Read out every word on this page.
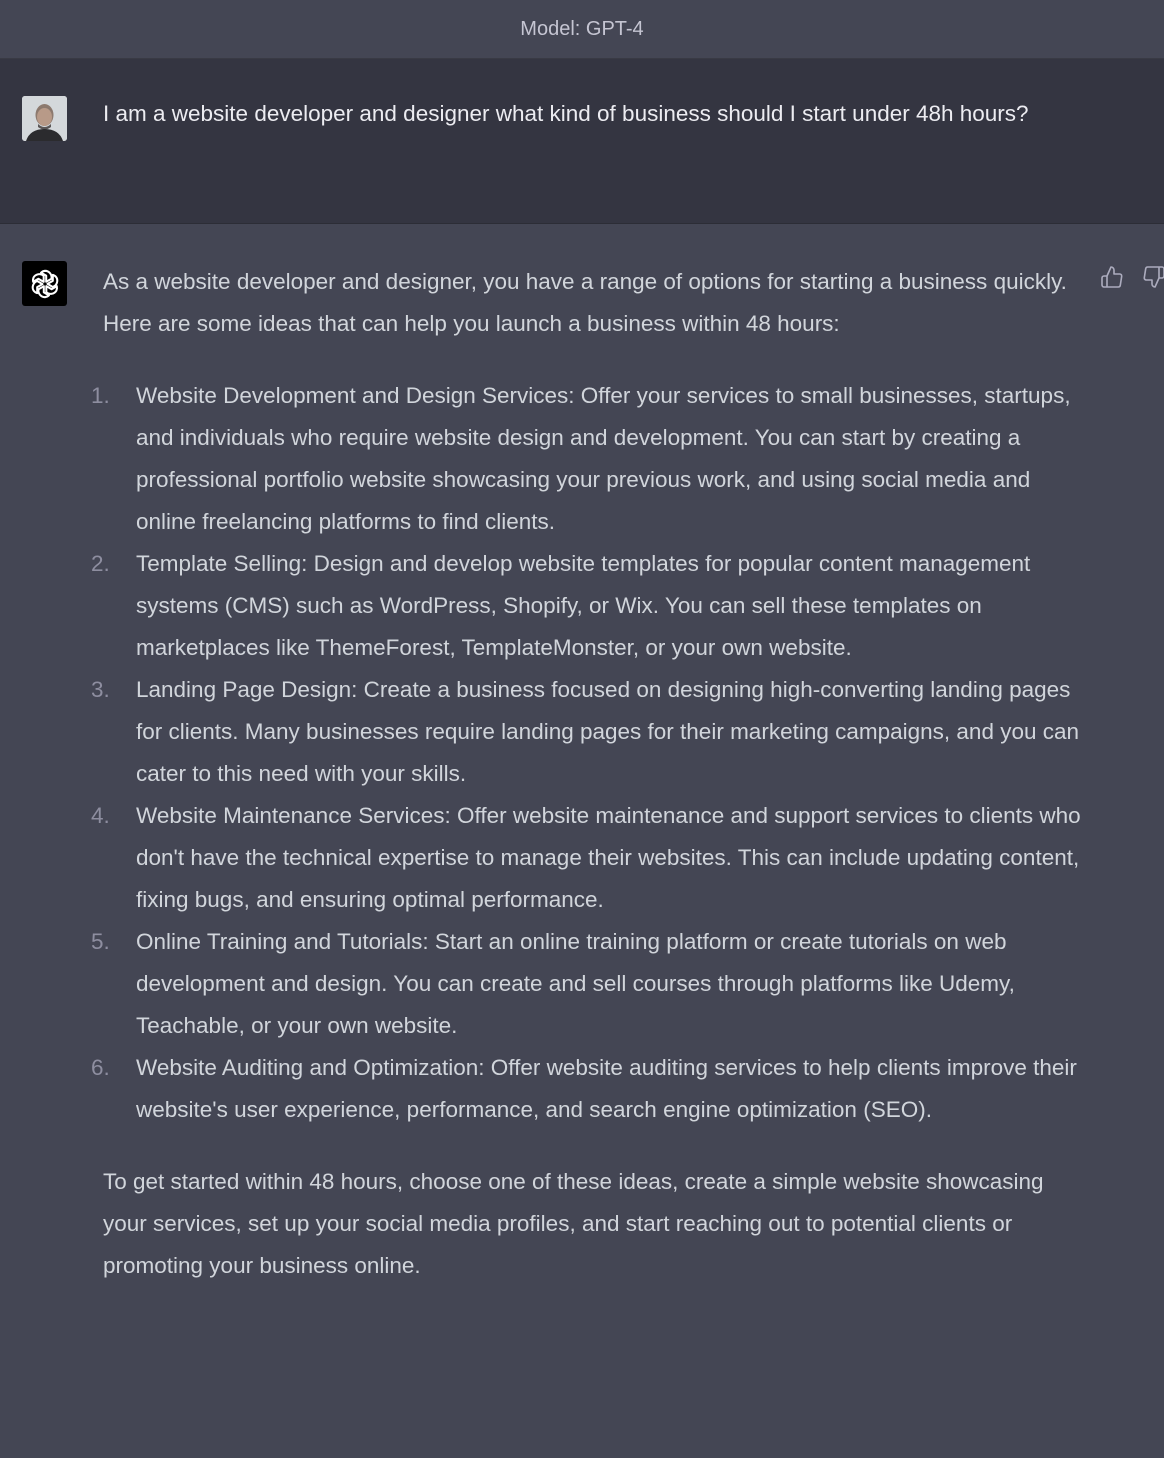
Model: GPT-4
I am a website developer and designer what kind of business should I start under 48h hours?

As a website developer and designer, you have a range of options for starting a business quickly. Here are some ideas that can help you launch a business within 48 hours:

1. Website Development and Design Services: Offer your services to small businesses, startups, and individuals who require website design and development. You can start by creating a professional portfolio website showcasing your previous work, and using social media and online freelancing platforms to find clients.
2. Template Selling: Design and develop website templates for popular content management systems (CMS) such as WordPress, Shopify, or Wix. You can sell these templates on marketplaces like ThemeForest, TemplateMonster, or your own website.
3. Landing Page Design: Create a business focused on designing high-converting landing pages for clients. Many businesses require landing pages for their marketing campaigns, and you can cater to this need with your skills.
4. Website Maintenance Services: Offer website maintenance and support services to clients who don't have the technical expertise to manage their websites. This can include updating content, fixing bugs, and ensuring optimal performance.
5. Online Training and Tutorials: Start an online training platform or create tutorials on web development and design. You can create and sell courses through platforms like Udemy, Teachable, or your own website.
6. Website Auditing and Optimization: Offer website auditing services to help clients improve their website's user experience, performance, and search engine optimization (SEO).

To get started within 48 hours, choose one of these ideas, create a simple website showcasing your services, set up your social media profiles, and start reaching out to potential clients or promoting your business online.
